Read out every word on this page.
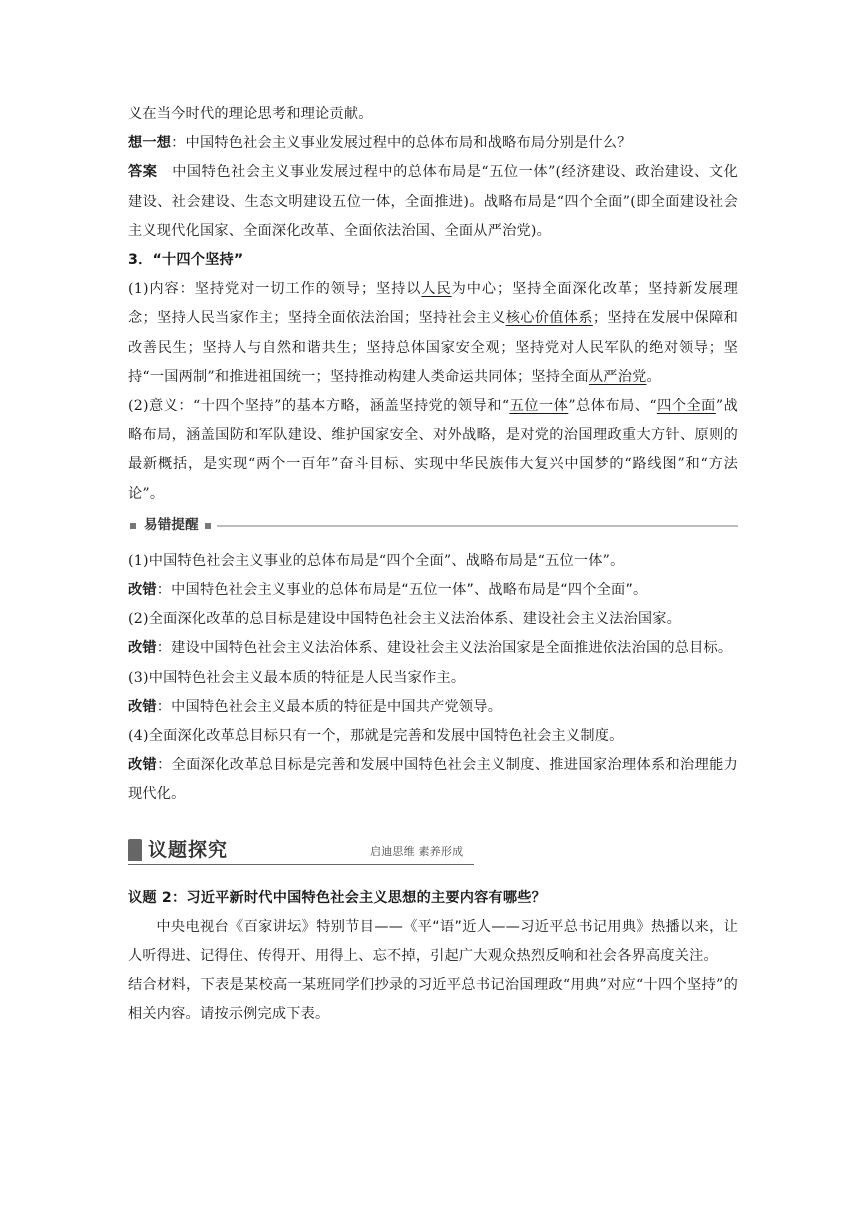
义在当今时代的理论思考和理论贡献。

想一想：中国特色社会主义事业发展过程中的总体布局和战略布局分别是什么？

答案　 中国特色社会主义事业发展过程中的总体布局是“五位一体”(经济建设、政治建设、文化建设、社会建设、生态文明建设五位一体，全面推进)。战略布局是“四个全面”(即全面建设社会主义现代化国家、全面深化改革、全面依法治国、全面从严治党)。

3．“十四个坚持”

(1)内容：坚持党对一切工作的领导；坚持以人民为中心；坚持全面深化改革；坚持新发展理念；坚持人民当家作主；坚持全面依法治国；坚持社会主义核心价值体系；坚持在发展中保障和改善民生；坚持人与自然和谐共生；坚持总体国家安全观；坚持党对人民军队的绝对领导；坚持“一国两制”和推进祖国统一；坚持推动构建人类命运共同体；坚持全面从严治党。

(2)意义：“十四个坚持”的基本方略，涵盖坚持党的领导和“五位一体”总体布局、“四个全面”战略布局，涵盖国防和军队建设、维护国家安全、对外战略，是对党的治国理政重大方针、原则的最新概括，是实现“两个一百年”奋斗目标、实现中华民族伟大复兴中国梦的“路线图”和“方法论”。

易错提醒

(1)中国特色社会主义事业的总体布局是“四个全面”、战略布局是“五位一体”。

改错：中国特色社会主义事业的总体布局是“五位一体”、战略布局是“四个全面”。

(2)全面深化改革的总目标是建设中国特色社会主义法治体系、建设社会主义法治国家。

改错：建设中国特色社会主义法治体系、建设社会主义法治国家是全面推进依法治国的总目标。

(3)中国特色社会主义最本质的特征是人民当家作主。

改错：中国特色社会主义最本质的特征是中国共产党领导。

(4)全面深化改革总目标只有一个，那就是完善和发展中国特色社会主义制度。

改错：全面深化改革总目标是完善和发展中国特色社会主义制度、推进国家治理体系和治理能力现代化。

议题探究	启迪思维 素养形成

议题 2：习近平新时代中国特色社会主义思想的主要内容有哪些？

中央电视台《百家讲坛》特别节目——《平“语”近人——习近平总书记用典》热播以来，让人听得进、记得住、传得开、用得上、忘不掉，引起广大观众热烈反响和社会各界高度关注。

结合材料，下表是某校高一某班同学们抄录的习近平总书记治国理政“用典”对应“十四个坚持”的相关内容。请按示例完成下表。
